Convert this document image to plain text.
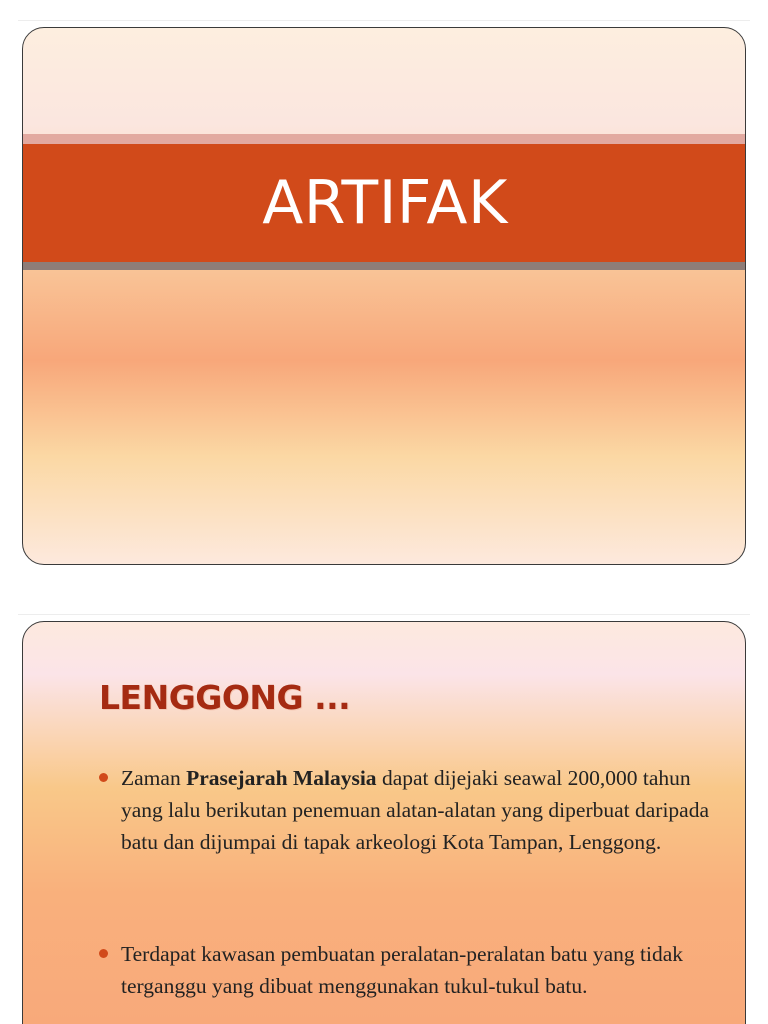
ARTIFAK
LENGGONG ...
Zaman Prasejarah Malaysia dapat dijejaki seawal 200,000 tahun yang lalu berikutan penemuan alatan-alatan yang diperbuat daripada batu dan dijumpai di tapak arkeologi Kota Tampan, Lenggong.
Terdapat kawasan pembuatan peralatan-peralatan batu yang tidak terganggu yang dibuat menggunakan tukul-tukul batu.
